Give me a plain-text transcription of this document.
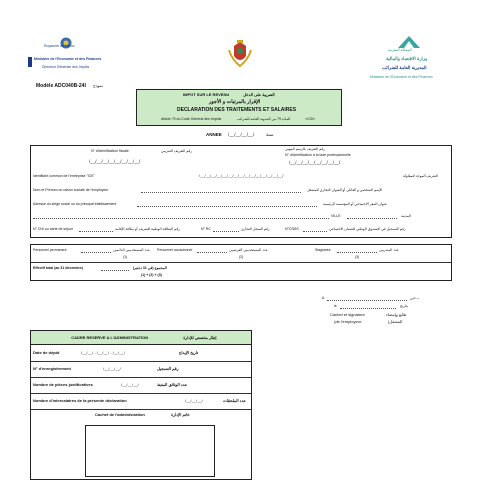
Royaume du Maroc
Ministère de l'Economie et des Finances
Direction Générale des Impôts
المملكة المغربية
وزارة الاقتصاد والمالية
المديرية العامة للضرائب
Ministère de l'Economie et des Finances
Modèle ADC040B-24I نموذج
IMPOT SUR LE REVENU	الضريبة على الدخل
الإقرار بالمرتبات و الأجور
DECLARATION DES TRAITEMENTS ET SALAIRES
Article 79 du Code Général des Impôts	المادة 79 من المدونة العامة للضرائب	«CGI»
ANNEE /__/__/__/__/	سنة
N° d'identification fiscale	رقم التعريف الضريبي
/__/__/__/__/__/__/__/__/
رقم التعريف بالرسم المهني
N° d'identification à la taxe professionnelle
/__/__/__/__/__/__/__/__/
Identifiant commun de l'entreprise "ICE"	/__/__/__/__/__/__/__/__/__/__/__/__/__/__/__/	التعريف الموحد للمقاولة
Nom et Prénom ou raison sociale de l'employeur	الإسم الشخصي و العائلي أو العنوان التجاري للمشغل
Adresse du siège social ou du principal établissement	عنوان المقر الاجتماعي أو المؤسسة الرئيسية
VILLE	المدينة
N° CNI ou carte de séjour	رقم البطاقة الوطنية للتعريف أو بطاقة الإقامة	N° RC	رقم السجل التجاري	N°CNSS	رقم التسجيل في الصندوق الوطني للضمان الاجتماعي
Personnel permanent	عدد المستخدمين الدائمين
(1)
Personnel occasionnel	عدد المستخدمين العرضيين
(2)
Stagiaires	عدد المتدربين
(3)
Effectif total (au 31 décembre)	المجموع (في 31 دجنبر)
(1) + (2) + (3)
A	بـ حرر
le	بتاريخ
Cachet et signature	طابع وإمضاء
(de l'employeur	(المشغل
CADRE RESERVE A L'ADMINISTRATION	إطار مخصص للإدارة
Date de dépôt	/__/__/ - /__/__/ - /__/__/	تاريخ الإيداع
N° d'enregistrement	/__/__/__/	رقم التسجيل
Nombre de pièces justificatives	/__/__/__/	عدد الوثائق المثبتة
Nombre d'intercalaires de la présente déclaration	/__/__/__/	عدد الملحقات
Cachet de l'administration	خاتم الإدارة
